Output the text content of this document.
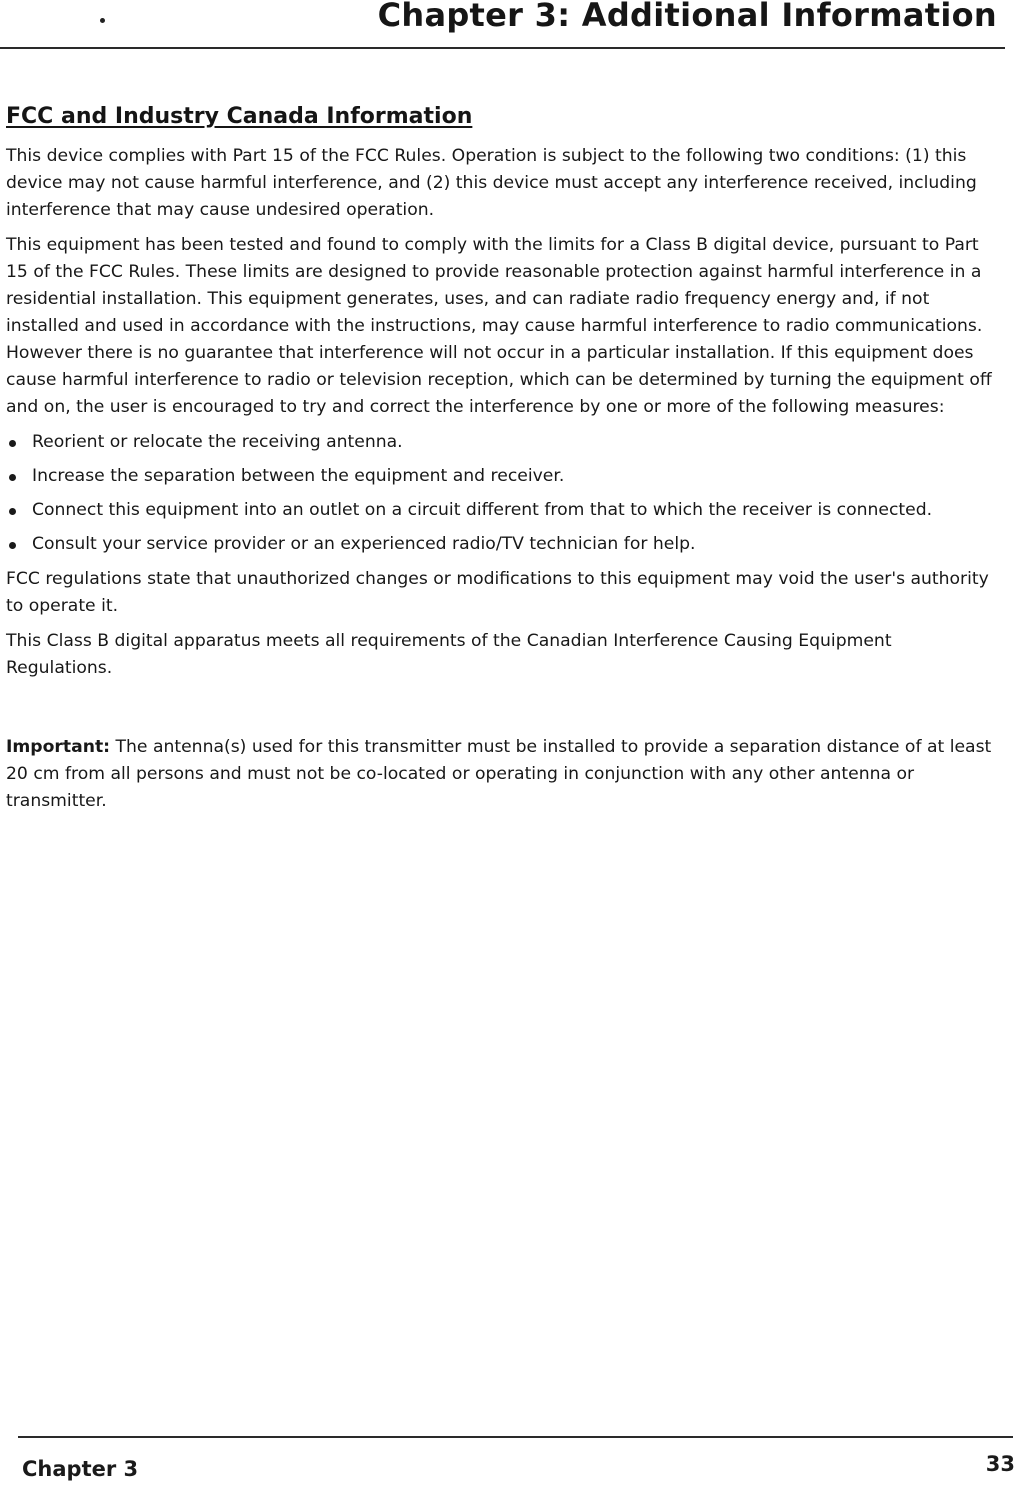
Chapter 3: Additional Information
FCC and Industry Canada Information

This device complies with Part 15 of the FCC Rules. Operation is subject to the following two conditions: (1) this device may not cause harmful interference, and (2) this device must accept any interference received, including interference that may cause undesired operation.

This equipment has been tested and found to comply with the limits for a Class B digital device, pursuant to Part 15 of the FCC Rules. These limits are designed to provide reasonable protection against harmful interference in a residential installation. This equipment generates, uses, and can radiate radio frequency energy and, if not installed and used in accordance with the instructions, may cause harmful interference to radio communications. However there is no guarantee that interference will not occur in a particular installation. If this equipment does cause harmful interference to radio or television reception, which can be determined by turning the equipment off and on, the user is encouraged to try and correct the interference by one or more of the following measures:

Reorient or relocate the receiving antenna.
Increase the separation between the equipment and receiver.
Connect this equipment into an outlet on a circuit different from that to which the receiver is connected.
Consult your service provider or an experienced radio/TV technician for help.

FCC regulations state that unauthorized changes or modifications to this equipment may void the user's authority to operate it.

This Class B digital apparatus meets all requirements of the Canadian Interference Causing Equipment Regulations.

Important: The antenna(s) used for this transmitter must be installed to provide a separation distance of at least 20 cm from all persons and must not be co-located or operating in conjunction with any other antenna or transmitter.

Chapter 3	33
